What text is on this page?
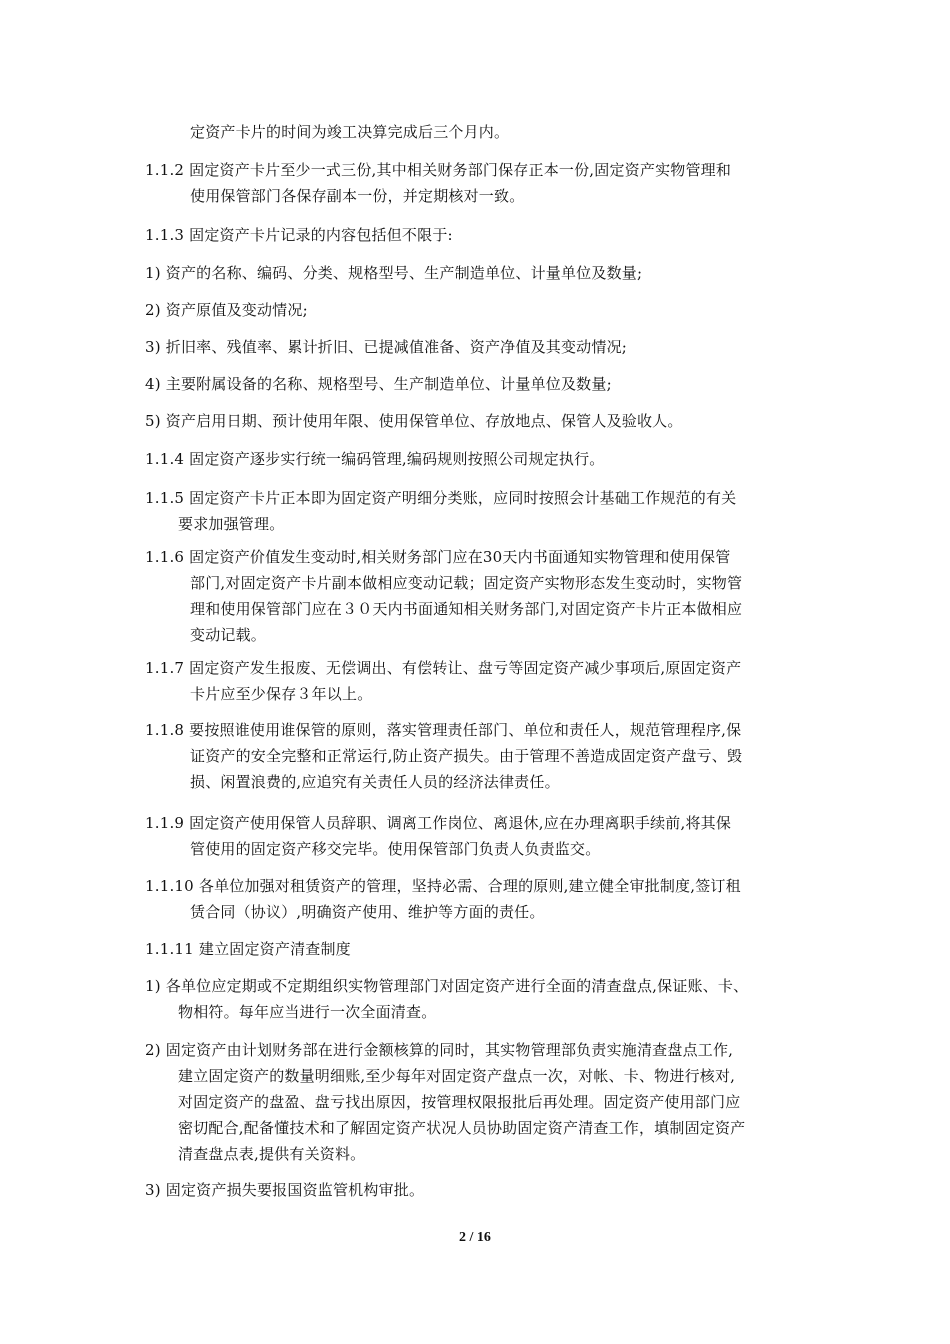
定资产卡片的时间为竣工决算完成后三个月内。
1.1.2 固定资产卡片至少一式三份,其中相关财务部门保存正本一份,固定资产实物管理和
使用保管部门各保存副本一份，并定期核对一致。
1.1.3 固定资产卡片记录的内容包括但不限于:
1) 资产的名称、编码、分类、规格型号、生产制造单位、计量单位及数量;
2) 资产原值及变动情况;
3) 折旧率、残值率、累计折旧、已提减值准备、资产净值及其变动情况;
4) 主要附属设备的名称、规格型号、生产制造单位、计量单位及数量;
5) 资产启用日期、预计使用年限、使用保管单位、存放地点、保管人及验收人。
1.1.4 固定资产逐步实行统一编码管理,编码规则按照公司规定执行。
1.1.5 固定资产卡片正本即为固定资产明细分类账，应同时按照会计基础工作规范的有关
要求加强管理。
1.1.6 固定资产价值发生变动时,相关财务部门应在30天内书面通知实物管理和使用保管
部门,对固定资产卡片副本做相应变动记载；固定资产实物形态发生变动时，实物管
理和使用保管部门应在３０天内书面通知相关财务部门,对固定资产卡片正本做相应
变动记载。
1.1.7 固定资产发生报废、无偿调出、有偿转让、盘亏等固定资产减少事项后,原固定资产
卡片应至少保存３年以上。
1.1.8 要按照谁使用谁保管的原则，落实管理责任部门、单位和责任人，规范管理程序,保
证资产的安全完整和正常运行,防止资产损失。由于管理不善造成固定资产盘亏、毁
损、闲置浪费的,应追究有关责任人员的经济法律责任。
1.1.9 固定资产使用保管人员辞职、调离工作岗位、离退休,应在办理离职手续前,将其保
管使用的固定资产移交完毕。使用保管部门负责人负责监交。
1.1.10 各单位加强对租赁资产的管理，坚持必需、合理的原则,建立健全审批制度,签订租
赁合同（协议）,明确资产使用、维护等方面的责任。
1.1.11 建立固定资产清查制度
1) 各单位应定期或不定期组织实物管理部门对固定资产进行全面的清查盘点,保证账、卡、
物相符。每年应当进行一次全面清查。
2) 固定资产由计划财务部在进行金额核算的同时，其实物管理部负责实施清查盘点工作,
建立固定资产的数量明细账,至少每年对固定资产盘点一次，对帐、卡、物进行核对,
对固定资产的盘盈、盘亏找出原因，按管理权限报批后再处理。固定资产使用部门应
密切配合,配备懂技术和了解固定资产状况人员协助固定资产清查工作，填制固定资产
清查盘点表,提供有关资料。
3) 固定资产损失要报国资监管机构审批。
2 / 16
